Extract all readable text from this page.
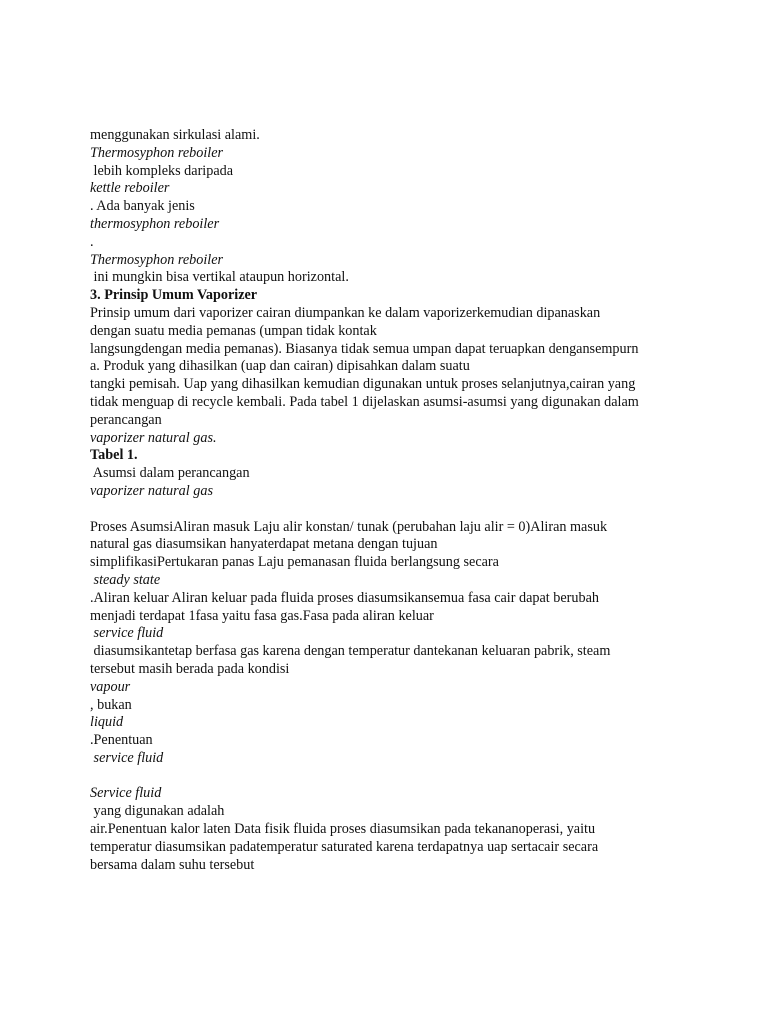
menggunakan sirkulasi alami.
Thermosyphon reboiler
lebih kompleks daripada
kettle reboiler
. Ada banyak jenis
thermosyphon reboiler
.
Thermosyphon reboiler
ini mungkin bisa vertikal ataupun horizontal.
3. Prinsip Umum Vaporizer
Prinsip umum dari vaporizer cairan diumpankan ke dalam vaporizerkemudian dipanaskan
dengan suatu media pemanas (umpan tidak kontak
langsungdengan media pemanas). Biasanya tidak semua umpan dapat teruapkan dengansempurn
a. Produk yang dihasilkan (uap dan cairan) dipisahkan dalam suatu
tangki pemisah. Uap yang dihasilkan kemudian digunakan untuk proses selanjutnya,cairan yang
tidak menguap di recycle kembali. Pada tabel 1 dijelaskan asumsi-asumsi yang digunakan dalam
perancangan
vaporizer natural gas.
Tabel 1.
Asumsi dalam perancangan
vaporizer natural gas
Proses AsumsiAliran masuk Laju alir konstan/ tunak (perubahan laju alir = 0)Aliran masuk
natural gas diasumsikan hanyaterdapat metana dengan tujuan
simplifikasiPertukaran panas Laju pemanasan fluida berlangsung secara
steady state
.Aliran keluar Aliran keluar pada fluida proses diasumsikansemua fasa cair dapat berubah
menjadi terdapat 1fasa yaitu fasa gas.Fasa pada aliran keluar
service fluid
diasumsikantetap berfasa gas karena dengan temperatur dantekanan keluaran pabrik, steam
tersebut masih berada pada kondisi
vapour
, bukan
liquid
.Penentuan
service fluid
Service fluid
yang digunakan adalah
air.Penentuan kalor laten Data fisik fluida proses diasumsikan pada tekananoperasi, yaitu
temperatur diasumsikan padatemperatur saturated karena terdapatnya uap sertacair secara
bersama dalam suhu tersebut
